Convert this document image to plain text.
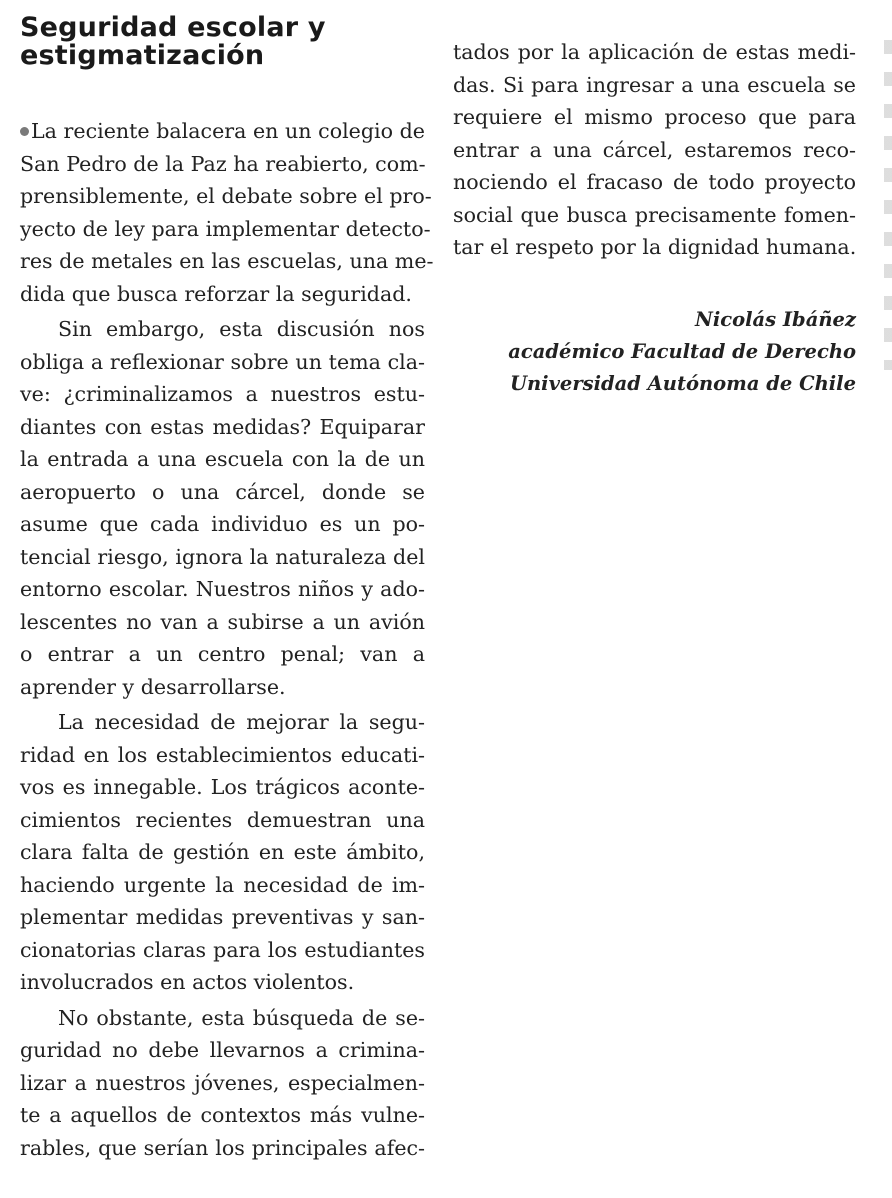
Seguridad escolar y
estigmatización
La reciente balacera en un colegio de
San Pedro de la Paz ha reabierto, com-
prensiblemente, el debate sobre el pro-
yecto de ley para implementar detecto-
res de metales en las escuelas, una me-
dida que busca reforzar la seguridad.
Sin embargo, esta discusión nos
obliga a reflexionar sobre un tema cla-
ve: ¿criminalizamos a nuestros estu-
diantes con estas medidas? Equiparar
la entrada a una escuela con la de un
aeropuerto o una cárcel, donde se
asume que cada individuo es un po-
tencial riesgo, ignora la naturaleza del
entorno escolar. Nuestros niños y ado-
lescentes no van a subirse a un avión
o entrar a un centro penal; van a
aprender y desarrollarse.
La necesidad de mejorar la segu-
ridad en los establecimientos educati-
vos es innegable. Los trágicos aconte-
cimientos recientes demuestran una
clara falta de gestión en este ámbito,
haciendo urgente la necesidad de im-
plementar medidas preventivas y san-
cionatorias claras para los estudiantes
involucrados en actos violentos.
No obstante, esta búsqueda de se-
guridad no debe llevarnos a crimina-
lizar a nuestros jóvenes, especialmen-
te a aquellos de contextos más vulne-
rables, que serían los principales afec-
tados por la aplicación de estas medi-
das. Si para ingresar a una escuela se
requiere el mismo proceso que para
entrar a una cárcel, estaremos reco-
nociendo el fracaso de todo proyecto
social que busca precisamente fomen-
tar el respeto por la dignidad humana.
Nicolás Ibáñez
académico Facultad de Derecho
Universidad Autónoma de Chile
